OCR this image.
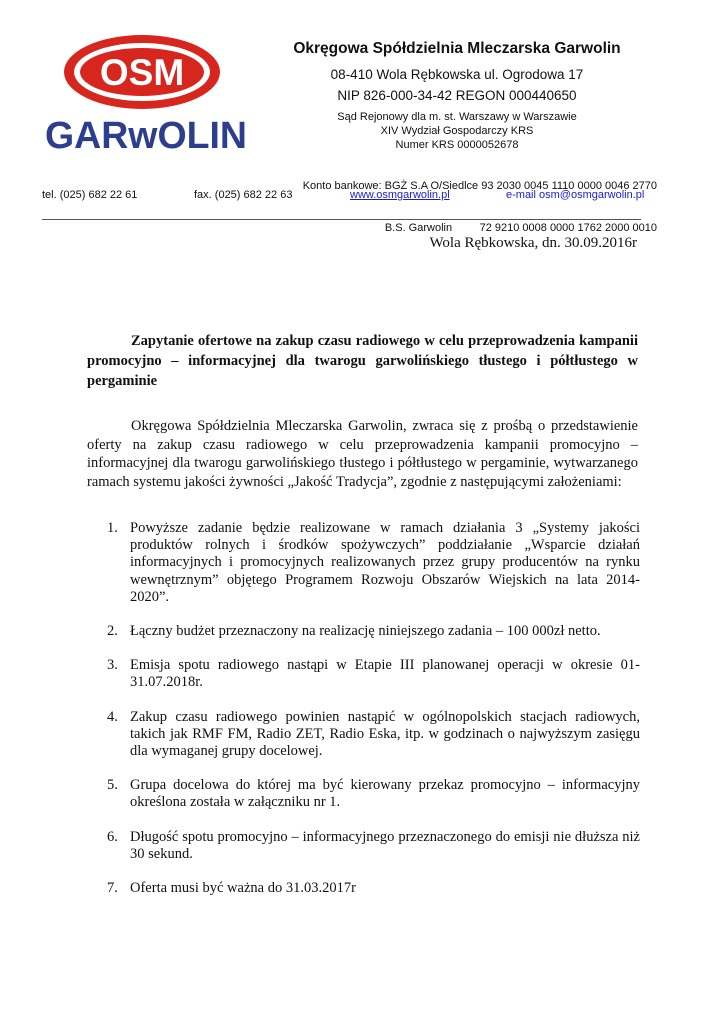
OSM
GARwOLIN
Okręgowa Spółdzielnia Mleczarska Garwolin
08-410 Wola Rębkowska ul. Ogrodowa 17
NIP 826-000-34-42 REGON 000440650
Sąd Rejonowy dla m. st. Warszawy w Warszawie
XIV Wydział Gospodarczy KRS
Numer KRS 0000052678

Konto bankowe: BGŻ S.A O/Siedlce 93 2030 0045 1110 0000 0046 2770

B.S. Garwolin         72 9210 0008 0000 1762 2000 0010

tel. (025) 682 22 61	fax. (025) 682 22 63	www.osmgarwolin.pl	e-mail osm@osmgarwolin.pl
Wola Rębkowska, dn. 30.09.2016r
Zapytanie ofertowe na zakup czasu radiowego w celu przeprowadzenia kampanii promocyjno – informacyjnej dla twarogu garwolińskiego tłustego i półtłustego w pergaminie
Okręgowa Spółdzielnia Mleczarska Garwolin, zwraca się z prośbą o przedstawienie oferty na zakup czasu radiowego w celu przeprowadzenia kampanii promocyjno – informacyjnej dla twarogu garwolińskiego tłustego i półtłustego w pergaminie, wytwarzanego ramach systemu jakości żywności „Jakość Tradycja”, zgodnie z następującymi założeniami:
1. Powyższe zadanie będzie realizowane w ramach działania 3 „Systemy jakości produktów rolnych i środków spożywczych” poddziałanie „Wsparcie działań informacyjnych i promocyjnych realizowanych przez grupy producentów na rynku wewnętrznym” objętego Programem Rozwoju Obszarów Wiejskich na lata 2014-2020”.
2. Łączny budżet przeznaczony na realizację niniejszego zadania – 100 000zł netto.
3. Emisja spotu radiowego nastąpi w Etapie III planowanej operacji w okresie 01-31.07.2018r.
4. Zakup czasu radiowego powinien nastąpić w ogólnopolskich stacjach radiowych, takich jak RMF FM, Radio ZET, Radio Eska, itp. w godzinach o najwyższym zasięgu dla wymaganej grupy docelowej.
5. Grupa docelowa do której ma być kierowany przekaz promocyjno – informacyjny określona została w załączniku nr 1.
6. Długość spotu promocyjno – informacyjnego przeznaczonego do emisji nie dłuższa niż 30 sekund.
7. Oferta musi być ważna do 31.03.2017r
